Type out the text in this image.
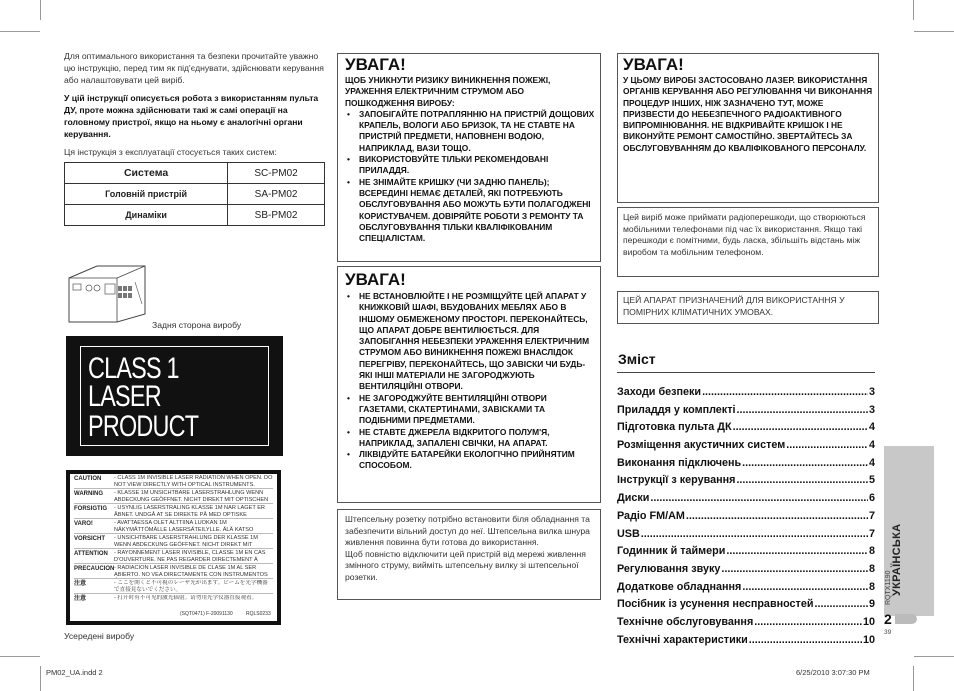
Для оптимального використання та безпеки прочитайте уважно цю інструкцію, перед тим як під'єднувати, здійснювати керування або налаштовувати цей виріб.

У цій інструкції описується робота з використанням пульта ДУ, проте можна здійснювати такі ж самі операції на головному пристрої, якщо на ньому є аналогічні органи керування.

Ця інструкція з експлуатації стосується таких систем:

Система	SC-PM02
Головній пристрій	SA-PM02
Динаміки	SB-PM02
Задня сторона виробу
CLASS 1
LASER PRODUCT
CAUTION	- CLASS 1M INVISIBLE LASER RADIATION WHEN OPEN. DO NOT VIEW DIRECTLY WITH OPTICAL INSTRUMENTS.
WARNING	- KLASSE 1M UNSICHTBARE LASERSTRAHLUNG WENN ABDECKUNG GEÖFFNET. NICHT DIREKT MIT OPTISCHEN
FORSIGTIG	- USYNLIG LASERSTRÅLING KLASSE 1M NÅR LÅGET ER ÅBNET. UNDGÅ AT SE DIREKTE PÅ MED OPTISKE
VARO!	- AVATTAESSA OLET ALTTIINA LUOKAN 1M NÄKYMÄTTÖMÄLLE LASERSÄTEILYLLE. ÄLÄ KATSO
VORSICHT	- UNSICHTBARE LASERSTRAHLUNG DER KLASSE 1M WENN ABDECKUNG GEÖFFNET. NICHT DIREKT MIT
ATTENTION	- RAYONNEMENT LASER INVISIBLE, CLASSE 1M EN CAS D'OUVERTURE. NE PAS REGARDER DIRECTEMENT À
PRECAUCION - RADIACIÓN LASER INVISIBLE DE CLASE 1M AL SER ABIERTO. NO VEA DIRECTAMENTE CON INSTRUMENTOS
注意	- ここを開くと不可視のレーザ光が出ます。ビームを光学機器で直接見ないでください。
注意	- 打开时有不可见的激光辐射。请勿用光学仪器直接观看。
(SQT0471) F-20091130	RQLS0233
Усередені виробу
УВАГА!
ЩОБ УНИКНУТИ РИЗИКУ ВИНИКНЕННЯ ПОЖЕЖІ, УРАЖЕННЯ ЕЛЕКТРИЧНИМ СТРУМОМ АБО ПОШКОДЖЕННЯ ВИРОБУ:
• ЗАПОБІГАЙТЕ ПОТРАПЛЯННЮ НА ПРИСТРІЙ ДОЩОВИХ КРАПЕЛЬ, ВОЛОГИ АБО БРИЗОК, ТА НЕ СТАВТЕ НА ПРИСТРІЙ ПРЕДМЕТИ, НАПОВНЕНІ ВОДОЮ, НАПРИКЛАД, ВАЗИ ТОЩО.
• ВИКОРИСТОВУЙТЕ ТІЛЬКИ РЕКОМЕНДОВАНІ ПРИЛАДДЯ.
• НЕ ЗНІМАЙТЕ КРИШКУ (ЧИ ЗАДНЮ ПАНЕЛЬ); ВСЕРЕДИНІ НЕМАЄ ДЕТАЛЕЙ, ЯКІ ПОТРЕБУЮТЬ ОБСЛУГОВУВАННЯ АБО МОЖУТЬ БУТИ ПОЛАГОДЖЕНІ КОРИСТУВАЧЕМ. ДОВІРЯЙТЕ РОБОТИ З РЕМОНТУ ТА ОБСЛУГОВУВАННЯ ТІЛЬКИ КВАЛІФІКОВАНИМ СПЕЦІАЛІСТАМ.
УВАГА!
• НЕ ВСТАНОВЛЮЙТЕ І НЕ РОЗМІЩУЙТЕ ЦЕЙ АПАРАТ У КНИЖКОВІЙ ШАФІ, ВБУДОВАНИХ МЕБЛЯХ АБО В ІНШОМУ ОБМЕЖЕНОМУ ПРОСТОРІ. ПЕРЕКОНАЙТЕСЬ, ЩО АПАРАТ ДОБРЕ ВЕНТИЛЮЄТЬСЯ. ДЛЯ ЗАПОБІГАННЯ НЕБЕЗПЕКИ УРАЖЕННЯ ЕЛЕКТРИЧНИМ СТРУМОМ АБО ВИНИКНЕННЯ ПОЖЕЖІ ВНАСЛІДОК ПЕРЕГРІВУ, ПЕРЕКОНАЙТЕСЬ, ЩО ЗАВІСКИ ЧИ БУДЬ-ЯКІ ІНШІ МАТЕРІАЛИ НЕ ЗАГОРОДЖУЮТЬ ВЕНТИЛЯЦІЙНІ ОТВОРИ.
• НЕ ЗАГОРОДЖУЙТЕ ВЕНТИЛЯЦІЙНІ ОТВОРИ ГАЗЕТАМИ, СКАТЕРТИНАМИ, ЗАВІСКАМИ ТА ПОДІБНИМИ ПРЕДМЕТАМИ.
• НЕ СТАВТЕ ДЖЕРЕЛА ВІДКРИТОГО ПОЛУМ'Я, НАПРИКЛАД, ЗАПАЛЕНІ СВІЧКИ, НА АПАРАТ.
• ЛІКВІДУЙТЕ БАТАРЕЙКИ ЕКОЛОГІЧНО ПРИЙНЯТИМ СПОСОБОМ.
Штепсельну розетку потрібно встановити біля обладнання та забезпечити вільний доступ до неї. Штепсельна вилка шнура живлення повинна бути готова до використання.
Щоб повністю відключити цей пристрій від мережі живлення змінного струму, вийміть штепсельну вилку зі штепсельної розетки.
УВАГА!
У ЦЬОМУ ВИРОБІ ЗАСТОСОВАНО ЛАЗЕР. ВИКОРИСТАННЯ ОРГАНІВ КЕРУВАННЯ АБО РЕГУЛЮВАННЯ ЧИ ВИКОНАННЯ ПРОЦЕДУР ІНШИХ, НІЖ ЗАЗНАЧЕНО ТУТ, МОЖЕ ПРИЗВЕСТИ ДО НЕБЕЗПЕЧНОГО РАДІОАКТИВНОГО ВИПРОМІНЮВАННЯ. НЕ ВІДКРИВАЙТЕ КРИШОК І НЕ ВИКОНУЙТЕ РЕМОНТ САМОСТІЙНО. ЗВЕРТАЙТЕСЬ ЗА ОБСЛУГОВУВАННЯМ ДО КВАЛІФІКОВАНОГО ПЕРСОНАЛУ.
Цей виріб може приймати радіоперешкоди, що створюються мобільними телефонами під час їх використання. Якщо такі перешкоди є помітними, будь ласка, збільшіть відстань між виробом та мобільним телефоном.
ЦЕЙ АПАРАТ ПРИЗНАЧЕНИЙ ДЛЯ ВИКОРИСТАННЯ У ПОМІРНИХ КЛІМАТИЧНИХ УМОВАХ.
Зміст
Заходи безпеки .....	3
Приладдя у комплекті .....	3
Підготовка пульта ДК .....	4
Розміщення акустичних систем .....	4
Виконання підключень .....	4
Інструкції з керування .....	5
Диски .....	6
Радіо FM/AM .....	7
USB .....	7
Годинник й таймери .....	8
Регулювання звуку .....	8
Додаткове обладнання .....	8
Посібник із усунення несправностей .....	9
Технічне обслуговування .....	10
Технічні характеристики .....	10
УКРАЇНСЬКА
RQTX1190
2
39
PM02_UA.indd 2	6/25/2010 3:07:30 PM
